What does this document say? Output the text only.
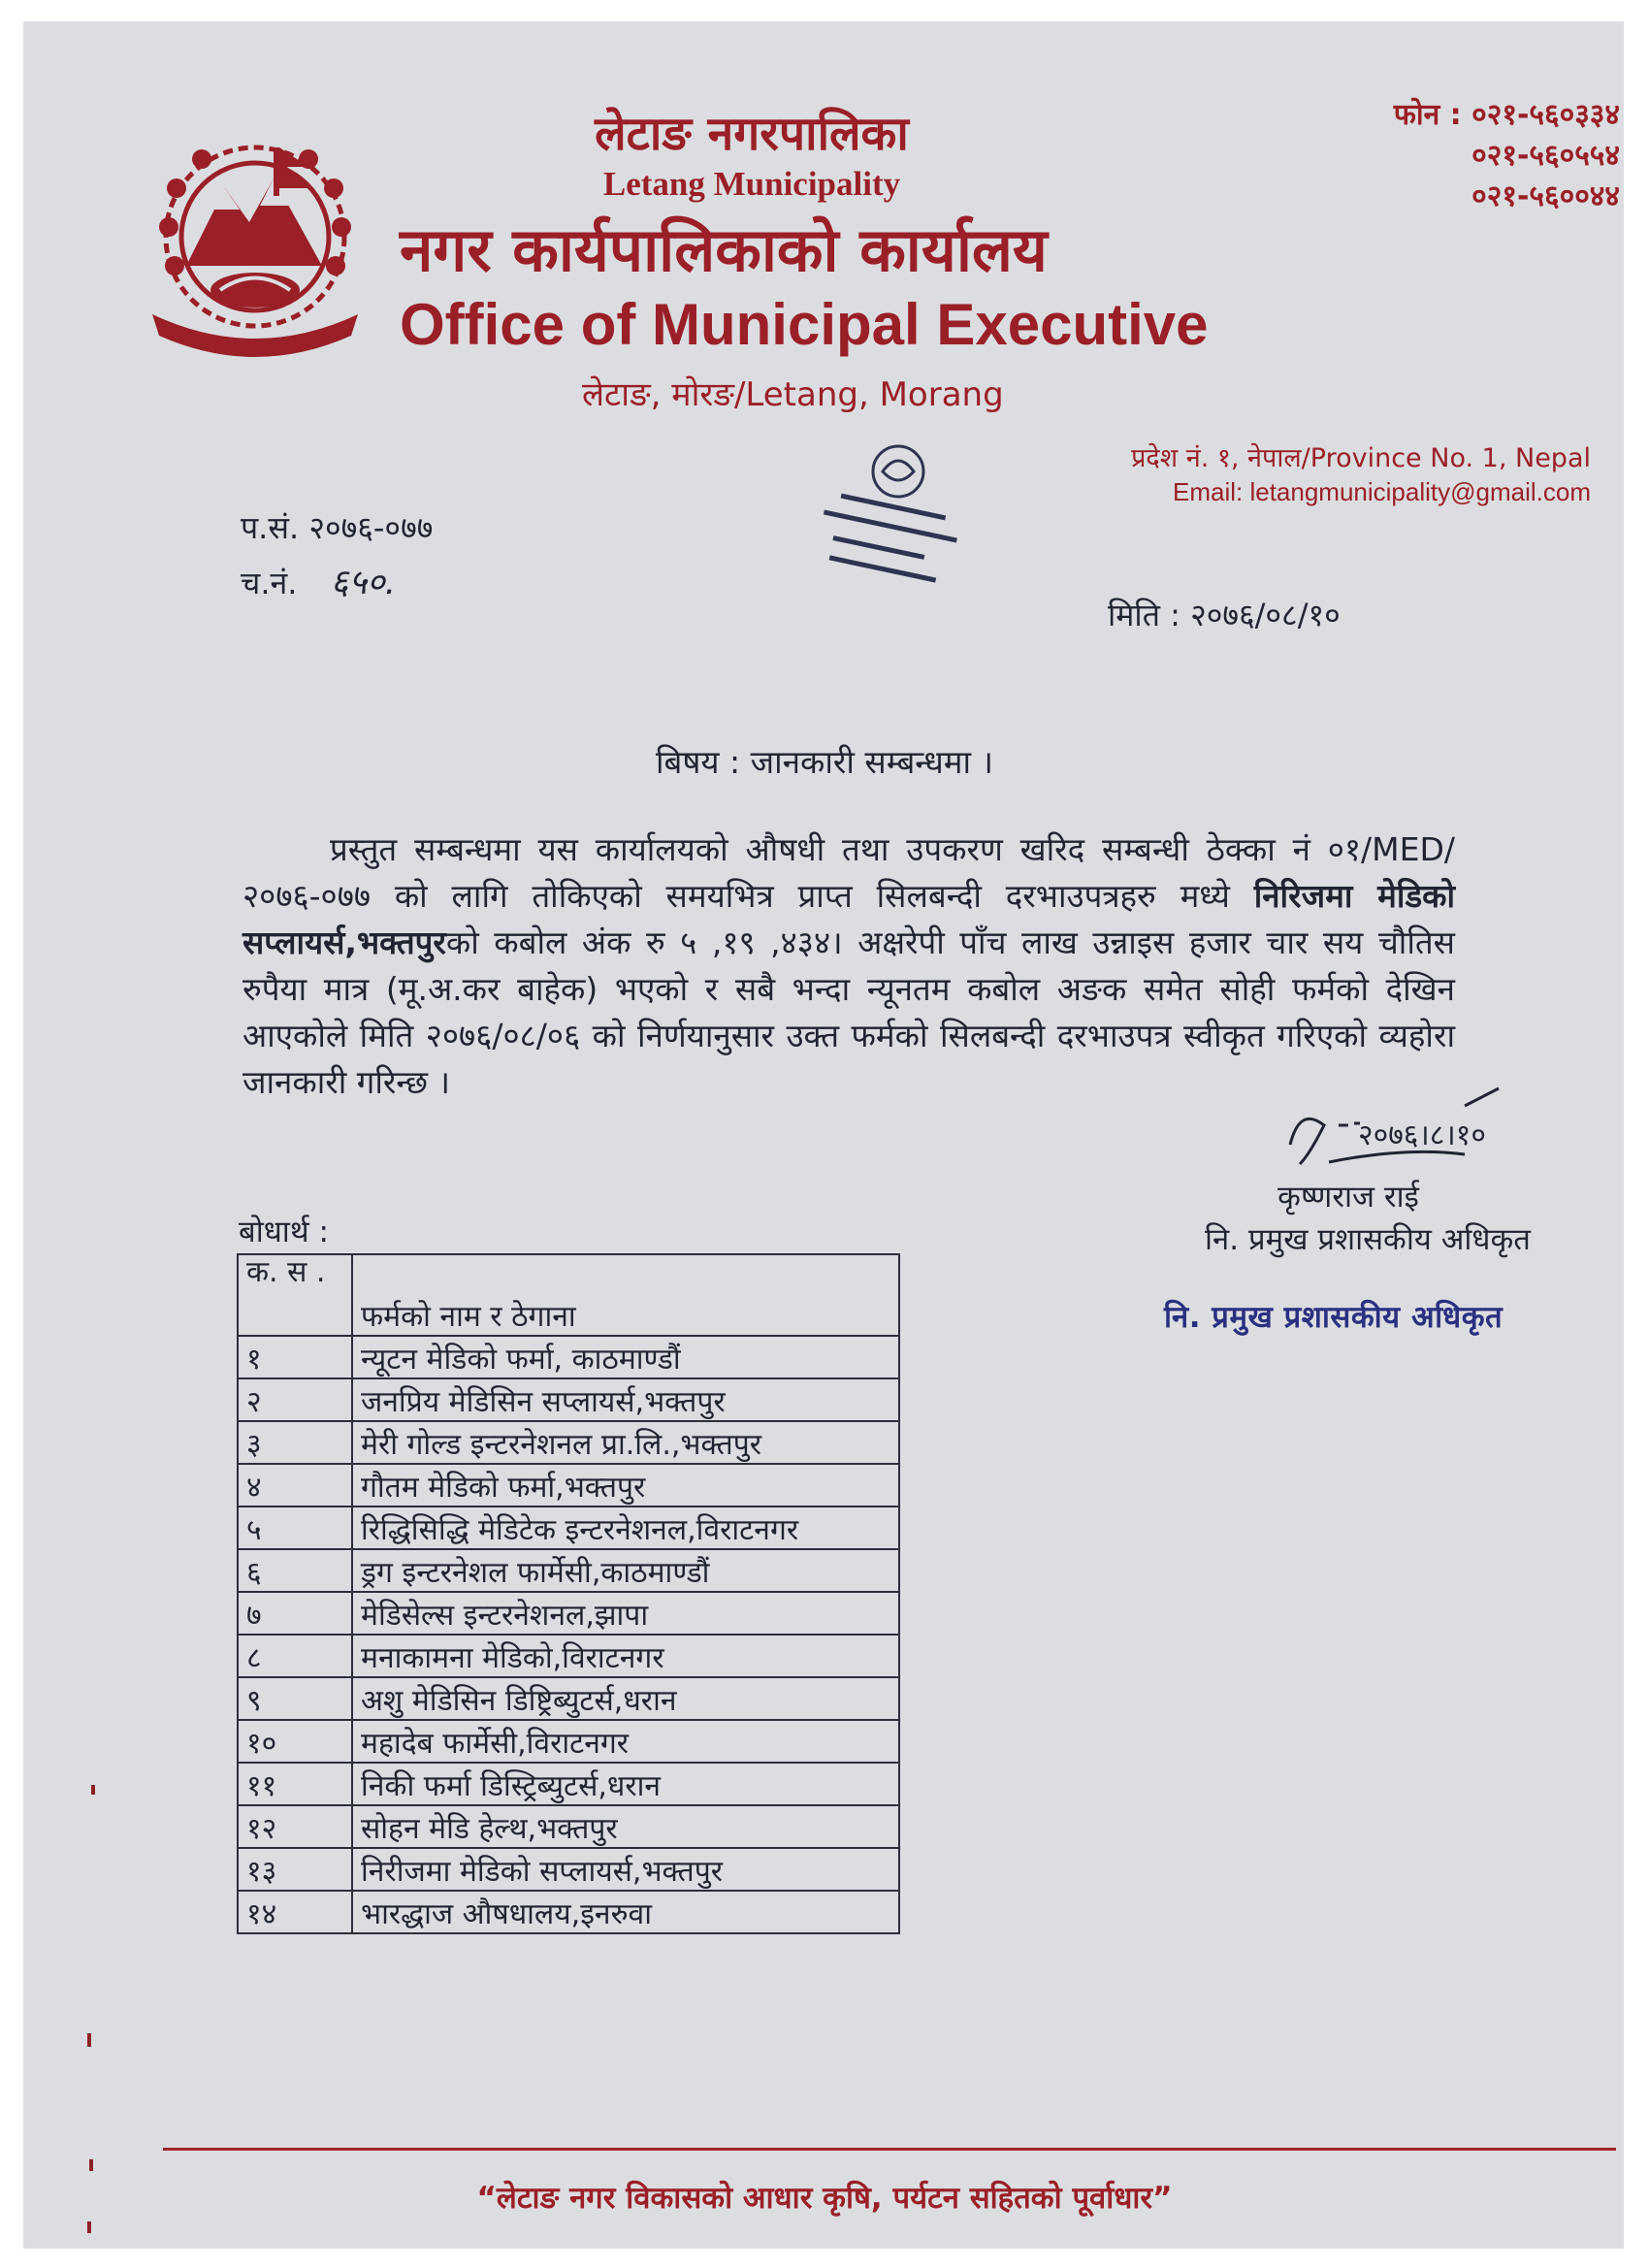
लेटाङ नगरपालिका
Letang Municipality
नगर कार्यपालिकाको कार्यालय
Office of Municipal Executive
लेटाङ, मोरङ/Letang, Morang
फोन : ०२१-५६०३३४
०२१-५६०५५४
०२१-५६००४४
प्रदेश नं. १, नेपाल/Province No. 1, Nepal
Email: letangmunicipality@gmail.com
प.सं. २०७६-०७७
च.नं. ६५०.
मिति : २०७६/०८/१०
बिषय : जानकारी सम्बन्धमा ।
प्रस्तुत सम्बन्धमा यस कार्यालयको औषधी तथा उपकरण खरिद सम्बन्धी ठेक्का नं ०१/MED/२०७६-०७७ को लागि तोकिएको समयभित्र प्राप्त सिलबन्दी दरभाउपत्रहरु मध्ये निरिजमा मेडिको सप्लायर्स,भक्तपुरको कबोल अंक रु ५ ,१९ ,४३४। अक्षरेपी पाँच लाख उन्नाइस हजार चार सय चौतिस रुपैया मात्र (मू.अ.कर बाहेक) भएको र सबै भन्दा न्यूनतम कबोल अङक समेत सोही फर्मको देखिन आएकोले मिति २०७६/०८/०६ को निर्णयानुसार उक्त फर्मको सिलबन्दी दरभाउपत्र स्वीकृत गरिएको व्यहोरा जानकारी गरिन्छ ।
२०७६।८।१०
कृष्णराज राई
नि. प्रमुख प्रशासकीय अधिकृत
नि. प्रमुख प्रशासकीय अधिकृत
बोधार्थ :
क. स .	फर्मको नाम र ठेगाना
१	न्यूटन मेडिको फर्मा, काठमाण्डौं
२	जनप्रिय मेडिसिन सप्लायर्स,भक्तपुर
३	मेरी गोल्ड इन्टरनेशनल प्रा.लि.,भक्तपुर
४	गौतम मेडिको फर्मा,भक्तपुर
५	रिद्धिसिद्धि मेडिटेक इन्टरनेशनल,विराटनगर
६	ड्रग इन्टरनेशल फार्मेसी,काठमाण्डौं
७	मेडिसेल्स इन्टरनेशनल,झापा
८	मनाकामना मेडिको,विराटनगर
९	अशु मेडिसिन डिष्ट्रिब्युटर्स,धरान
१०	महादेब फार्मेसी,विराटनगर
११	निकी फर्मा डिस्ट्रिब्युटर्स,धरान
१२	सोहन मेडि हेल्थ,भक्तपुर
१३	निरीजमा मेडिको सप्लायर्स,भक्तपुर
१४	भारद्धाज औषधालय,इनरुवा
“लेटाङ नगर विकासको आधार कृषि, पर्यटन सहितको पूर्वाधार”
